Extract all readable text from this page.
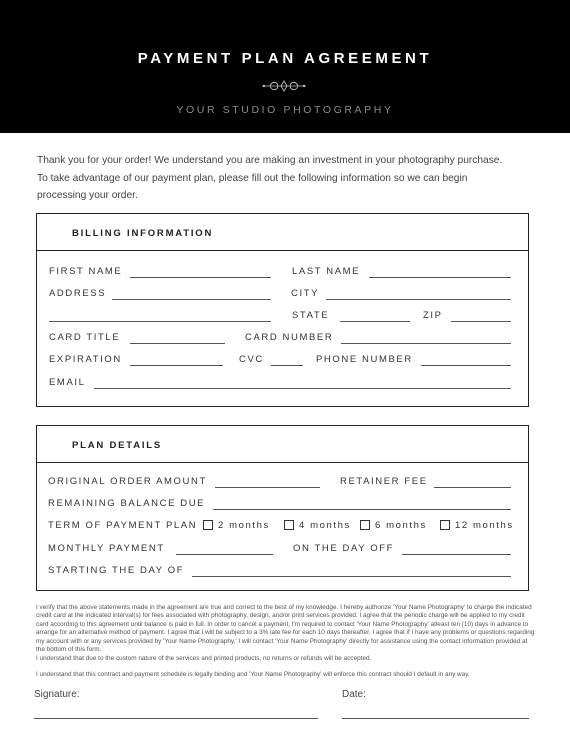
PAYMENT PLAN AGREEMENT
YOUR STUDIO PHOTOGRAPHY
Thank you for your order! We understand you are making an investment in your photography purchase.
To take advantage of our payment plan, please fill out the following information so we can begin
processing your order.
BILLING INFORMATION
FIRST NAME	LAST NAME
ADDRESS	CITY
STATE	ZIP
CARD TITLE	CARD NUMBER
EXPIRATION	CVC	PHONE NUMBER
EMAIL
PLAN DETAILS
ORIGINAL ORDER AMOUNT	RETAINER FEE
REMAINING BALANCE DUE
TERM OF PAYMENT PLAN 2 months	4 months	6 months	12 months
MONTHLY PAYMENT	ON THE DAY OFF
STARTING THE DAY OF
I verify that the above statements made in the agreement are true and correct to the best of my knowledge. I hereby authorize 'Your Name Photography' to charge the indicated credit card at the indicated interval(s) for fees associated with photography, design, and/or print services provided. I agree that the periodic charge will be applied to my credit card according to this agreement until balance is paid in full. In order to cancel a payment, I'm required to contact 'Your Name Photography' atleast ten (10) days in advance to arrange for an alternative method of payment. I agree that I will be subject to a 3% late fee for each 10 days thereafter. I agree that if I have any problems or questions regarding my account with or any services provided by 'Your Name Photography,' I will contact 'Your Name Photography' directly for assistance using the contact information provided at the bottom of this form.
I understand that due to the custom nature of the services and printed products, no returns or refunds will be accepted.
I understand that this contract and payment schedule is legally binding and 'Your Name Photography' will enforce this contract should I default in any way.
Signature:	Date:
